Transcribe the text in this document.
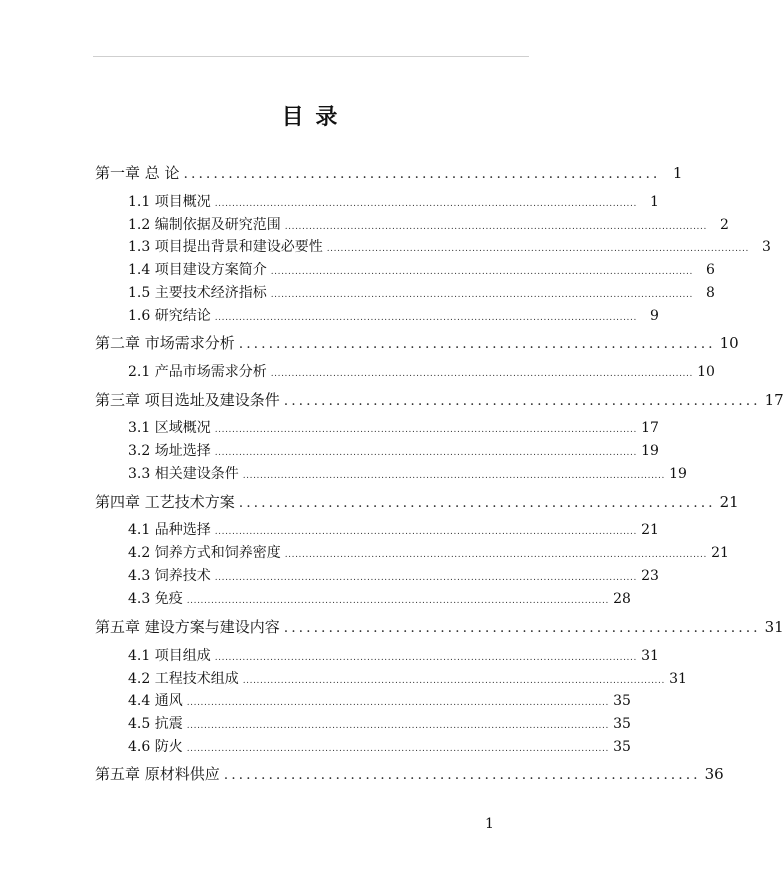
目 录
第一章 总 论 ................................................................ 1
1.1 项目概况 .......................................................................................................................... 1
1.2 编制依据及研究范围 .......................................................................................................................... 2
1.3 项目提出背景和建设必要性 .......................................................................................................................... 3
1.4 项目建设方案简介 .......................................................................................................................... 6
1.5 主要技术经济指标 .......................................................................................................................... 8
1.6 研究结论 .......................................................................................................................... 9
第二章 市场需求分析 ................................................................ 10
2.1 产品市场需求分析 .......................................................................................................................... 10
第三章 项目选址及建设条件 ................................................................ 17
3.1 区域概况 .......................................................................................................................... 17
3.2 场址选择 .......................................................................................................................... 19
3.3 相关建设条件 .......................................................................................................................... 19
第四章 工艺技术方案 ................................................................ 21
4.1 品种选择 .......................................................................................................................... 21
4.2 饲养方式和饲养密度 .......................................................................................................................... 21
4.3 饲养技术 .......................................................................................................................... 23
4.3 免疫 .......................................................................................................................... 28
第五章 建设方案与建设内容 ................................................................ 31
4.1 项目组成 .......................................................................................................................... 31
4.2 工程技术组成 .......................................................................................................................... 31
4.4 通风 .......................................................................................................................... 35
4.5 抗震 .......................................................................................................................... 35
4.6 防火 .......................................................................................................................... 35
第五章 原材料供应 ................................................................ 36
1
